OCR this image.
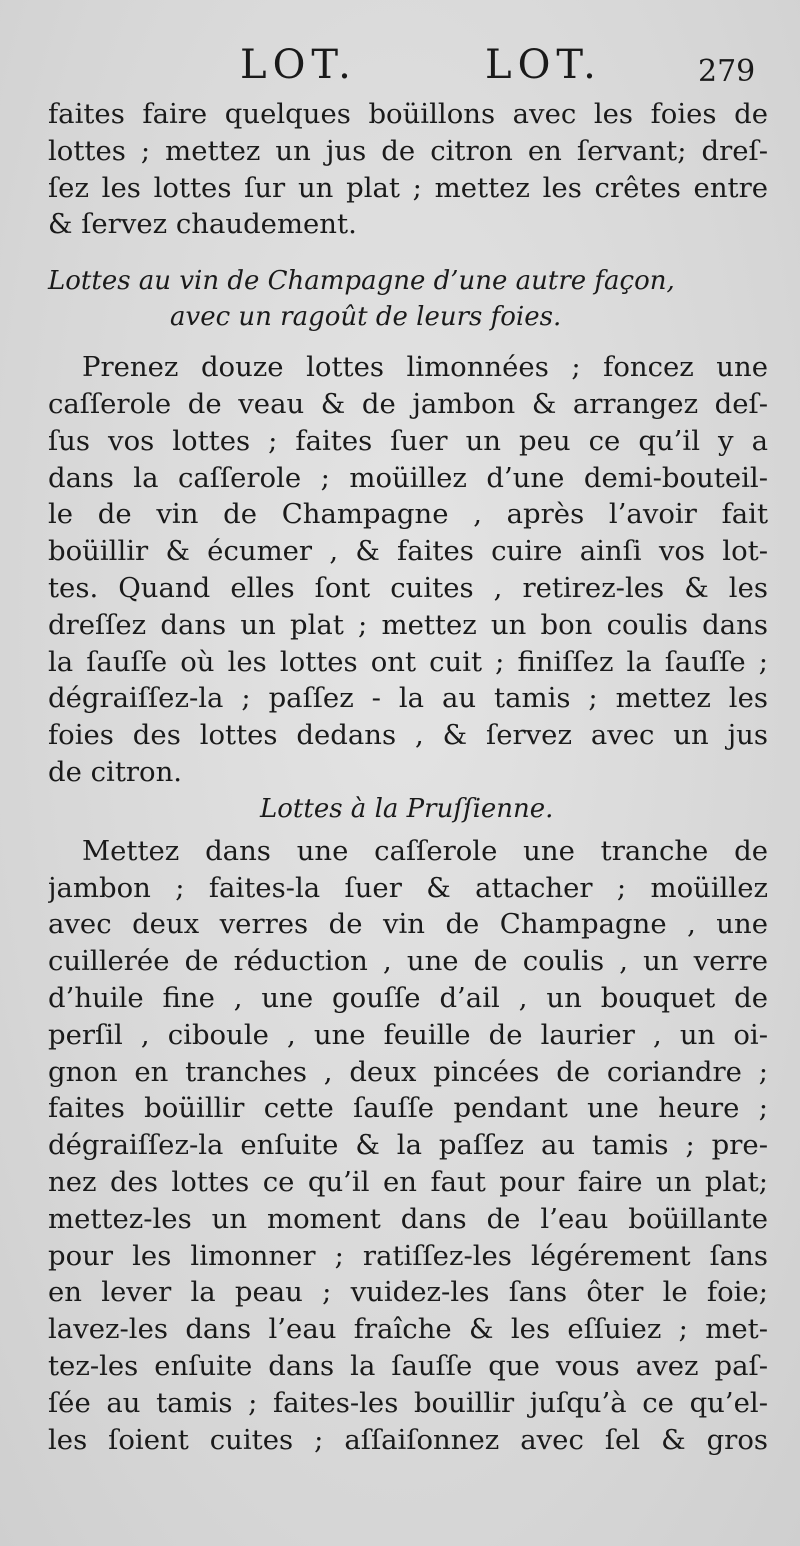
LOT.	LOT.	279
faites faire quelques boüillons avec les foies de
lottes ; mettez un jus de citron en ſervant; dreſ-
ſez les lottes ſur un plat ; mettez les crêtes entre
& ſervez chaudement.
Lottes au vin de Champagne d’une autre façon,
avec un ragoût de leurs foies.
Prenez douze lottes limonnées ; foncez une
caſſerole de veau & de jambon & arrangez deſ-
ſus vos lottes ; faites ſuer un peu ce qu’il y a
dans la caſſerole ; moüillez d’une demi-bouteil-
le de vin de Champagne , après l’avoir fait
boüillir & écumer , & faites cuire ainſi vos lot-
tes. Quand elles ſont cuites , retirez-les & les
dreſſez dans un plat ; mettez un bon coulis dans
la ſauſſe où les lottes ont cuit ; finiſſez la ſauſſe ;
dégraiſſez-la ; paſſez - la au tamis ; mettez les
foies des lottes dedans , & ſervez avec un jus
de citron.
Lottes à la Pruſſienne.
Mettez dans une caſſerole une tranche de
jambon ; faites-la ſuer & attacher ; moüillez
avec deux verres de vin de Champagne , une
cuillerée de réduction , une de coulis , un verre
d’huile fine , une gouſſe d’ail , un bouquet de
perſil , ciboule , une feuille de laurier , un oi-
gnon en tranches , deux pincées de coriandre ;
faites boüillir cette ſauſſe pendant une heure ;
dégraiſſez-la enſuite & la paſſez au tamis ; pre-
nez des lottes ce qu’il en faut pour faire un plat;
mettez-les un moment dans de l’eau boüillante
pour les limonner ; ratiſſez-les légérement ſans
en lever la peau ; vuidez-les ſans ôter le foie;
lavez-les dans l’eau fraîche & les eſſuiez ; met-
tez-les enſuite dans la ſauſſe que vous avez paſ-
ſée au tamis ; faites-les bouillir juſqu’à ce qu’el-
les ſoient cuites ; aſſaiſonnez avec ſel & gros
